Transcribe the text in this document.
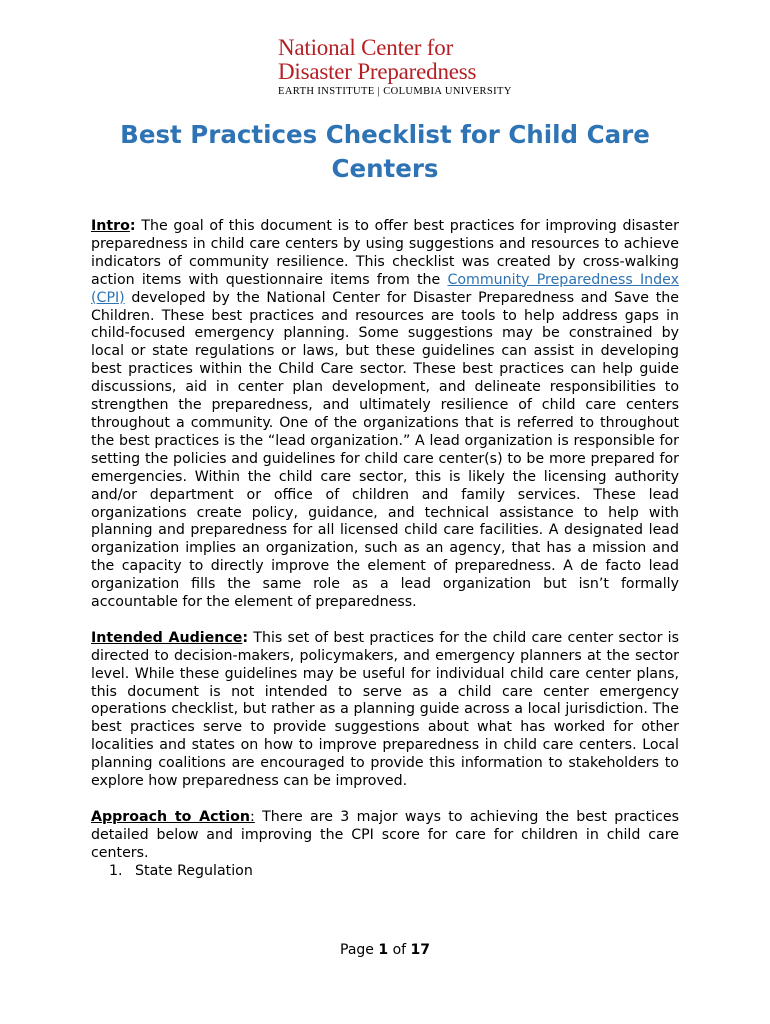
National Center for
Disaster Preparedness
EARTH INSTITUTE | COLUMBIA UNIVERSITY
Best Practices Checklist for Child Care Centers

Intro: The goal of this document is to offer best practices for improving disaster preparedness in child care centers by using suggestions and resources to achieve indicators of community resilience. This checklist was created by cross-walking action items with questionnaire items from the Community Preparedness Index (CPI) developed by the National Center for Disaster Preparedness and Save the Children. These best practices and resources are tools to help address gaps in child-focused emergency planning. Some suggestions may be constrained by local or state regulations or laws, but these guidelines can assist in developing best practices within the Child Care sector. These best practices can help guide discussions, aid in center plan development, and delineate responsibilities to strengthen the preparedness, and ultimately resilience of child care centers throughout a community. One of the organizations that is referred to throughout the best practices is the “lead organization.” A lead organization is responsible for setting the policies and guidelines for child care center(s) to be more prepared for emergencies. Within the child care sector, this is likely the licensing authority and/or department or office of children and family services. These lead organizations create policy, guidance, and technical assistance to help with planning and preparedness for all licensed child care facilities. A designated lead organization implies an organization, such as an agency, that has a mission and the capacity to directly improve the element of preparedness. A de facto lead organization fills the same role as a lead organization but isn’t formally accountable for the element of preparedness.

Intended Audience: This set of best practices for the child care center sector is directed to decision-makers, policymakers, and emergency planners at the sector level. While these guidelines may be useful for individual child care center plans, this document is not intended to serve as a child care center emergency operations checklist, but rather as a planning guide across a local jurisdiction. The best practices serve to provide suggestions about what has worked for other localities and states on how to improve preparedness in child care centers. Local planning coalitions are encouraged to provide this information to stakeholders to explore how preparedness can be improved.

Approach to Action: There are 3 major ways to achieving the best practices detailed below and improving the CPI score for care for children in child care centers.

1. State Regulation
Page 1 of 17
